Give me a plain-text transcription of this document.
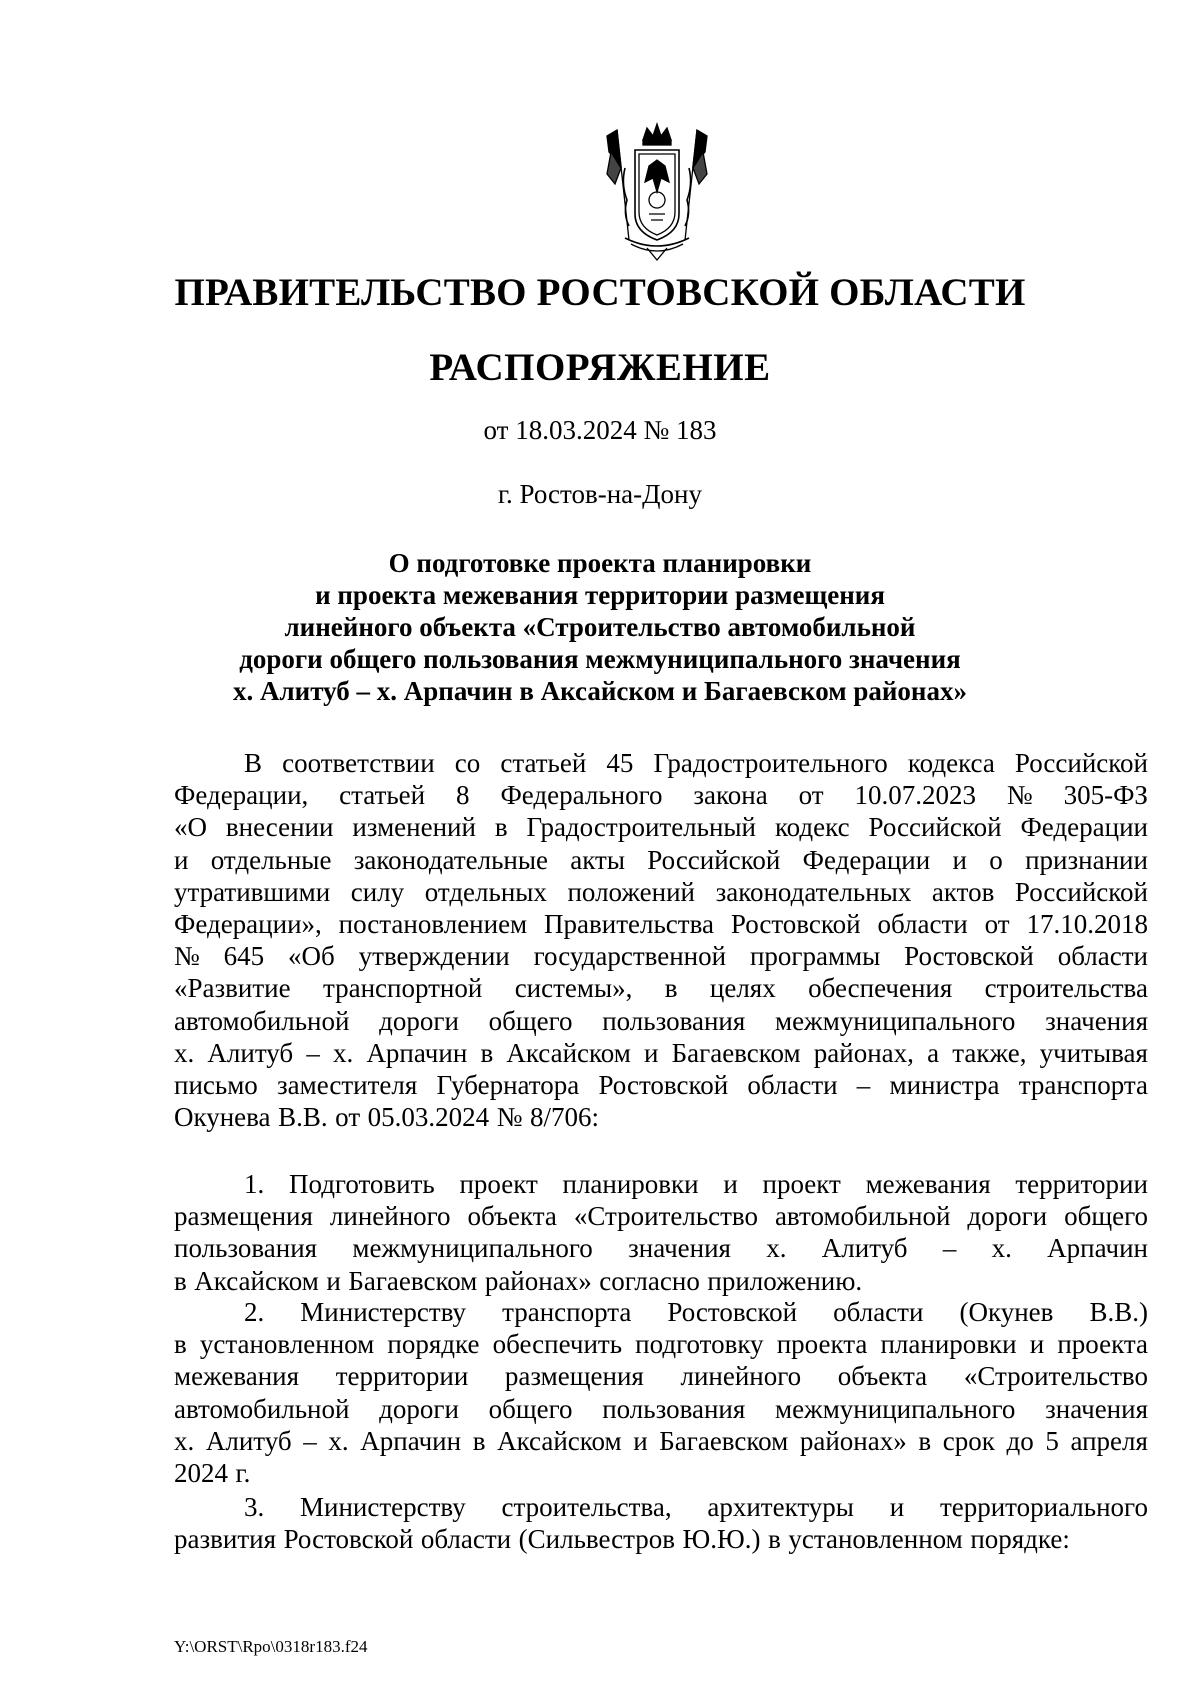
ПРАВИТЕЛЬСТВО РОСТОВСКОЙ ОБЛАСТИ
РАСПОРЯЖЕНИЕ
от 18.03.2024 № 183
г. Ростов-на-Дону
О подготовке проекта планировки
и проекта межевания территории размещения
линейного объекта «Строительство автомобильной
дороги общего пользования межмуниципального значения
х. Алитуб – х. Арпачин в Аксайском и Багаевском районах»
В соответствии со статьей 45 Градостроительного кодекса Российской
Федерации, статьей 8 Федерального закона от 10.07.2023 № 305-ФЗ
«О внесении изменений в Градостроительный кодекс Российской Федерации
и отдельные законодательные акты Российской Федерации и о признании
утратившими силу отдельных положений законодательных актов Российской
Федерации», постановлением Правительства Ростовской области от 17.10.2018
№ 645 «Об утверждении государственной программы Ростовской области
«Развитие транспортной системы», в целях обеспечения строительства
автомобильной дороги общего пользования межмуниципального значения
х. Алитуб – х. Арпачин в Аксайском и Багаевском районах, а также, учитывая
письмо заместителя Губернатора Ростовской области – министра транспорта
Окунева В.В. от 05.03.2024 № 8/706:
1. Подготовить проект планировки и проект межевания территории
размещения линейного объекта «Строительство автомобильной дороги общего
пользования межмуниципального значения х. Алитуб – х. Арпачин
в Аксайском и Багаевском районах» согласно приложению.
2. Министерству транспорта Ростовской области (Окунев В.В.)
в установленном порядке обеспечить подготовку проекта планировки и проекта
межевания территории размещения линейного объекта «Строительство
автомобильной дороги общего пользования межмуниципального значения
х. Алитуб – х. Арпачин в Аксайском и Багаевском районах» в срок до 5 апреля
2024 г.
3. Министерству строительства, архитектуры и территориального
развития Ростовской области (Сильвестров Ю.Ю.) в установленном порядке:
Y:\ORST\Rpo\0318r183.f24
